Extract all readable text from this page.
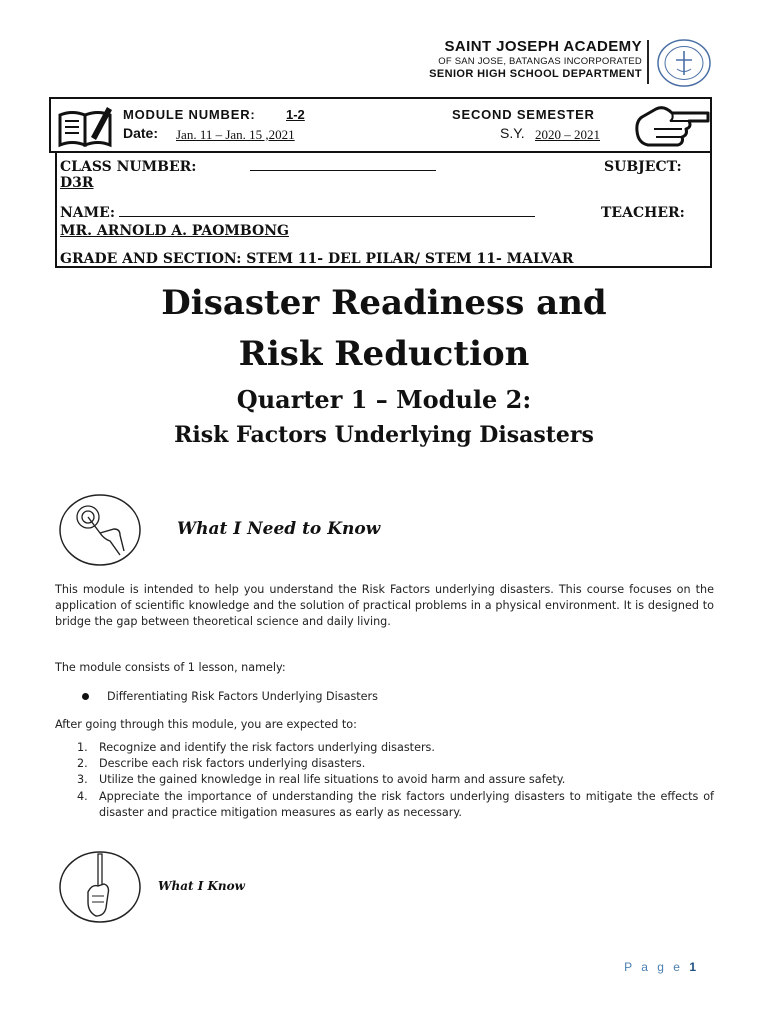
SAINT JOSEPH ACADEMY
OF SAN JOSE, BATANGAS INCORPORATED
SENIOR HIGH SCHOOL DEPARTMENT
MODULE NUMBER: 1-2
Date: Jan. 11 – Jan. 15 ,2021
SECOND SEMESTER
S.Y. 2020 – 2021
CLASS NUMBER:	SUBJECT:
D3R
NAME:	TEACHER:
MR. ARNOLD A. PAOMBONG
GRADE AND SECTION: STEM 11- DEL PILAR/ STEM 11- MALVAR
Disaster Readiness and
Risk Reduction
Quarter 1 – Module 2:
Risk Factors Underlying Disasters
What I Need to Know
This module is intended to help you understand the Risk Factors underlying disasters. This course focuses on the application of scientific knowledge and the solution of practical problems in a physical environment. It is designed to bridge the gap between theoretical science and daily living.
The module consists of 1 lesson, namely:
Differentiating Risk Factors Underlying Disasters
After going through this module, you are expected to:
1. Recognize and identify the risk factors underlying disasters.
2. Describe each risk factors underlying disasters.
3. Utilize the gained knowledge in real life situations to avoid harm and assure safety.
4. Appreciate the importance of understanding the risk factors underlying disasters to mitigate the effects of disaster and practice mitigation measures as early as necessary.
What I Know
P a g e 1
